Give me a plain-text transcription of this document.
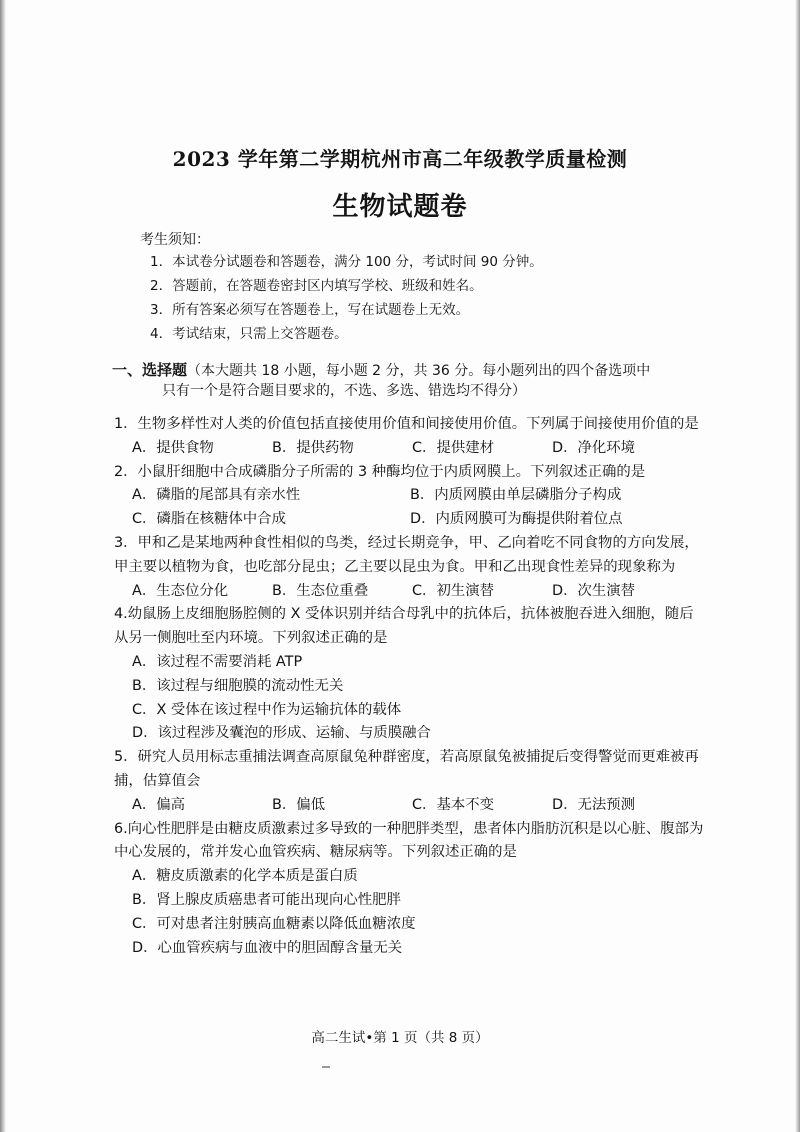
2023 学年第二学期杭州市高二年级教学质量检测
生物试题卷
考生须知：
1．本试卷分试题卷和答题卷，满分 100 分，考试时间 90 分钟。
2．答题前，在答题卷密封区内填写学校、班级和姓名。
3．所有答案必须写在答题卷上，写在试题卷上无效。
4．考试结束，只需上交答题卷。
一、选择题（本大题共 18 小题，每小题 2 分，共 36 分。每小题列出的四个备选项中
只有一个是符合题目要求的，不选、多选、错选均不得分）
1．生物多样性对人类的价值包括直接使用价值和间接使用价值。下列属于间接使用价值的是
A．提供食物	B．提供药物	C．提供建材	D．净化环境
2．小鼠肝细胞中合成磷脂分子所需的 3 种酶均位于内质网膜上。下列叙述正确的是
A．磷脂的尾部具有亲水性	B．内质网膜由单层磷脂分子构成
C．磷脂在核糖体中合成	D．内质网膜可为酶提供附着位点
3．甲和乙是某地两种食性相似的鸟类，经过长期竞争，甲、乙向着吃不同食物的方向发展，甲主要以植物为食，也吃部分昆虫；乙主要以昆虫为食。甲和乙出现食性差异的现象称为
A．生态位分化	B．生态位重叠	C．初生演替	D．次生演替
4.幼鼠肠上皮细胞肠腔侧的 X 受体识别并结合母乳中的抗体后，抗体被胞吞进入细胞，随后从另一侧胞吐至内环境。下列叙述正确的是
A．该过程不需要消耗 ATP
B．该过程与细胞膜的流动性无关
C．X 受体在该过程中作为运输抗体的载体
D．该过程涉及囊泡的形成、运输、与质膜融合
5．研究人员用标志重捕法调查高原鼠兔种群密度，若高原鼠兔被捕捉后变得警觉而更难被再捕，估算值会
A．偏高	B．偏低	C．基本不变	D．无法预测
6.向心性肥胖是由糖皮质激素过多导致的一种肥胖类型，患者体内脂肪沉积是以心脏、腹部为中心发展的，常并发心血管疾病、糖尿病等。下列叙述正确的是
A．糖皮质激素的化学本质是蛋白质
B．肾上腺皮质癌患者可能出现向心性肥胖
C．可对患者注射胰高血糖素以降低血糖浓度
D．心血管疾病与血液中的胆固醇含量无关
高二生试•第 1 页（共 8 页）
